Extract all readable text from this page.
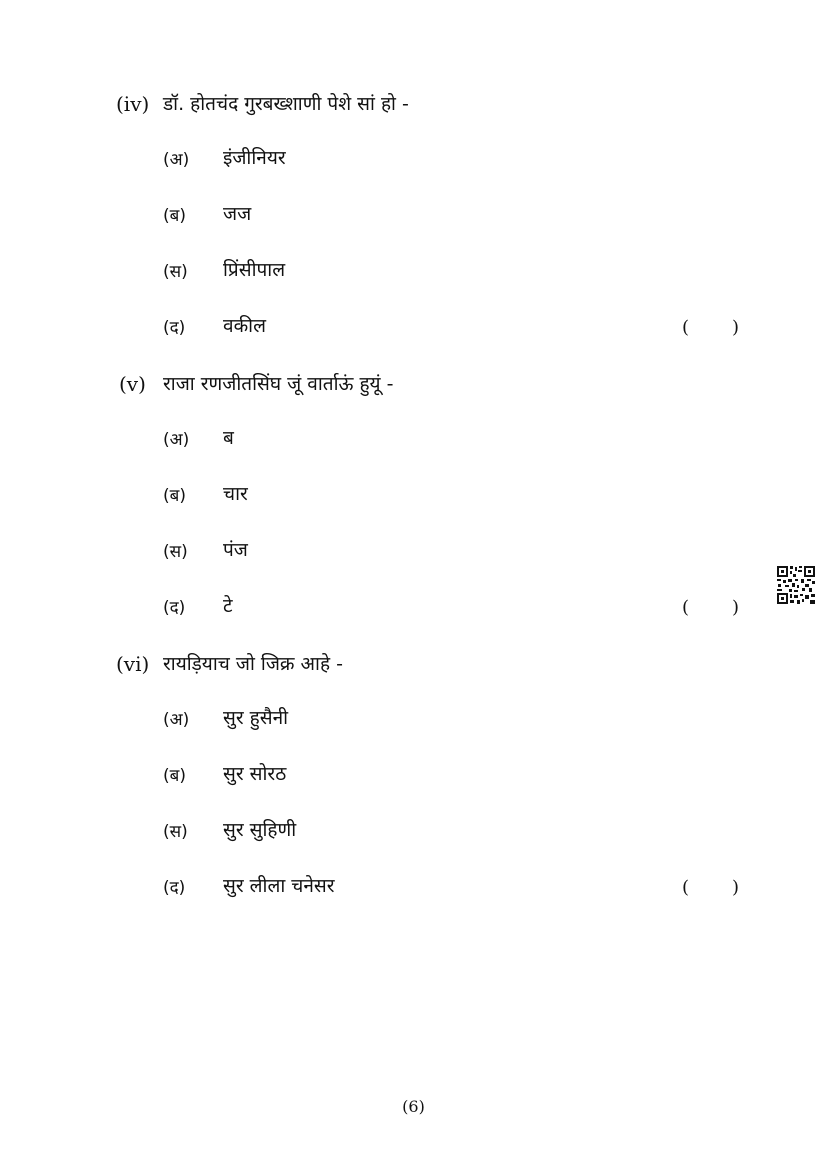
(iv) डॉ. होतचंद गुरबख्शाणी पेशे सां हो -
(अ) इंजीनियर
(ब) जज
(स) प्रिंसीपाल
(द) वकील	( )
(v) राजा रणजीतसिंघ जूं वार्ताऊं हुयूं -
(अ) ब
(ब) चार
(स) पंज
(द) टे	( )
(vi) रायड़ियाच जो जिक्र आहे -
(अ) सुर हुसैनी
(ब) सुर सोरठ
(स) सुर सुहिणी
(द) सुर लीला चनेसर	( )
(6)
